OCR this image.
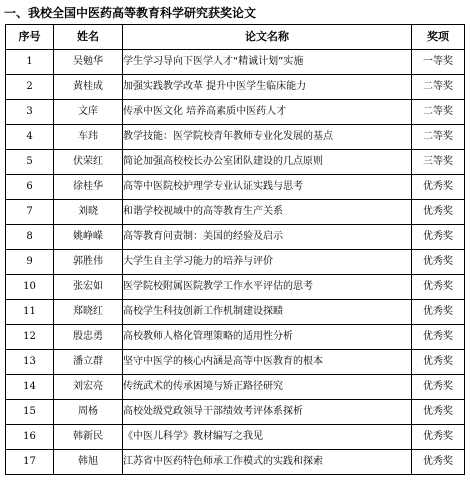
一、我校全国中医药高等教育科学研究获奖论文
序号	姓名	论文名称	奖项
1	吴勉华	学生学习导向下医学人才“精诚计划”实施	一等奖
2	黄桂成	加强实践教学改革 提升中医学生临床能力	二等奖
3	文庠	传承中医文化 培养高素质中医药人才	二等奖
4	车玮	教学技能：医学院校青年教师专业化发展的基点	二等奖
5	伏荣红	简论加强高校校长办公室团队建设的几点原则	三等奖
6	徐桂华	高等中医院校护理学专业认证实践与思考	优秀奖
7	刘晓	和谐学校视域中的高等教育生产关系	优秀奖
8	姚峥嵘	高等教育问责制：美国的经验及启示	优秀奖
9	郭胜伟	大学生自主学习能力的培养与评价	优秀奖
10	张宏如	医学院校附属医院教学工作水平评估的思考	优秀奖
11	郑晓红	高校学生科技创新工作机制建设探赜	优秀奖
12	殷忠勇	高校教师人格化管理策略的适用性分析	优秀奖
13	潘立群	坚守中医学的核心内涵是高等中医教育的根本	优秀奖
14	刘宏亮	传统武术的传承困境与矫正路径研究	优秀奖
15	周杨	高校处级党政领导干部绩效考评体系探析	优秀奖
16	韩新民	《中医儿科学》教材编写之我见	优秀奖
17	韩旭	江苏省中医药特色师承工作模式的实践和探索	优秀奖
